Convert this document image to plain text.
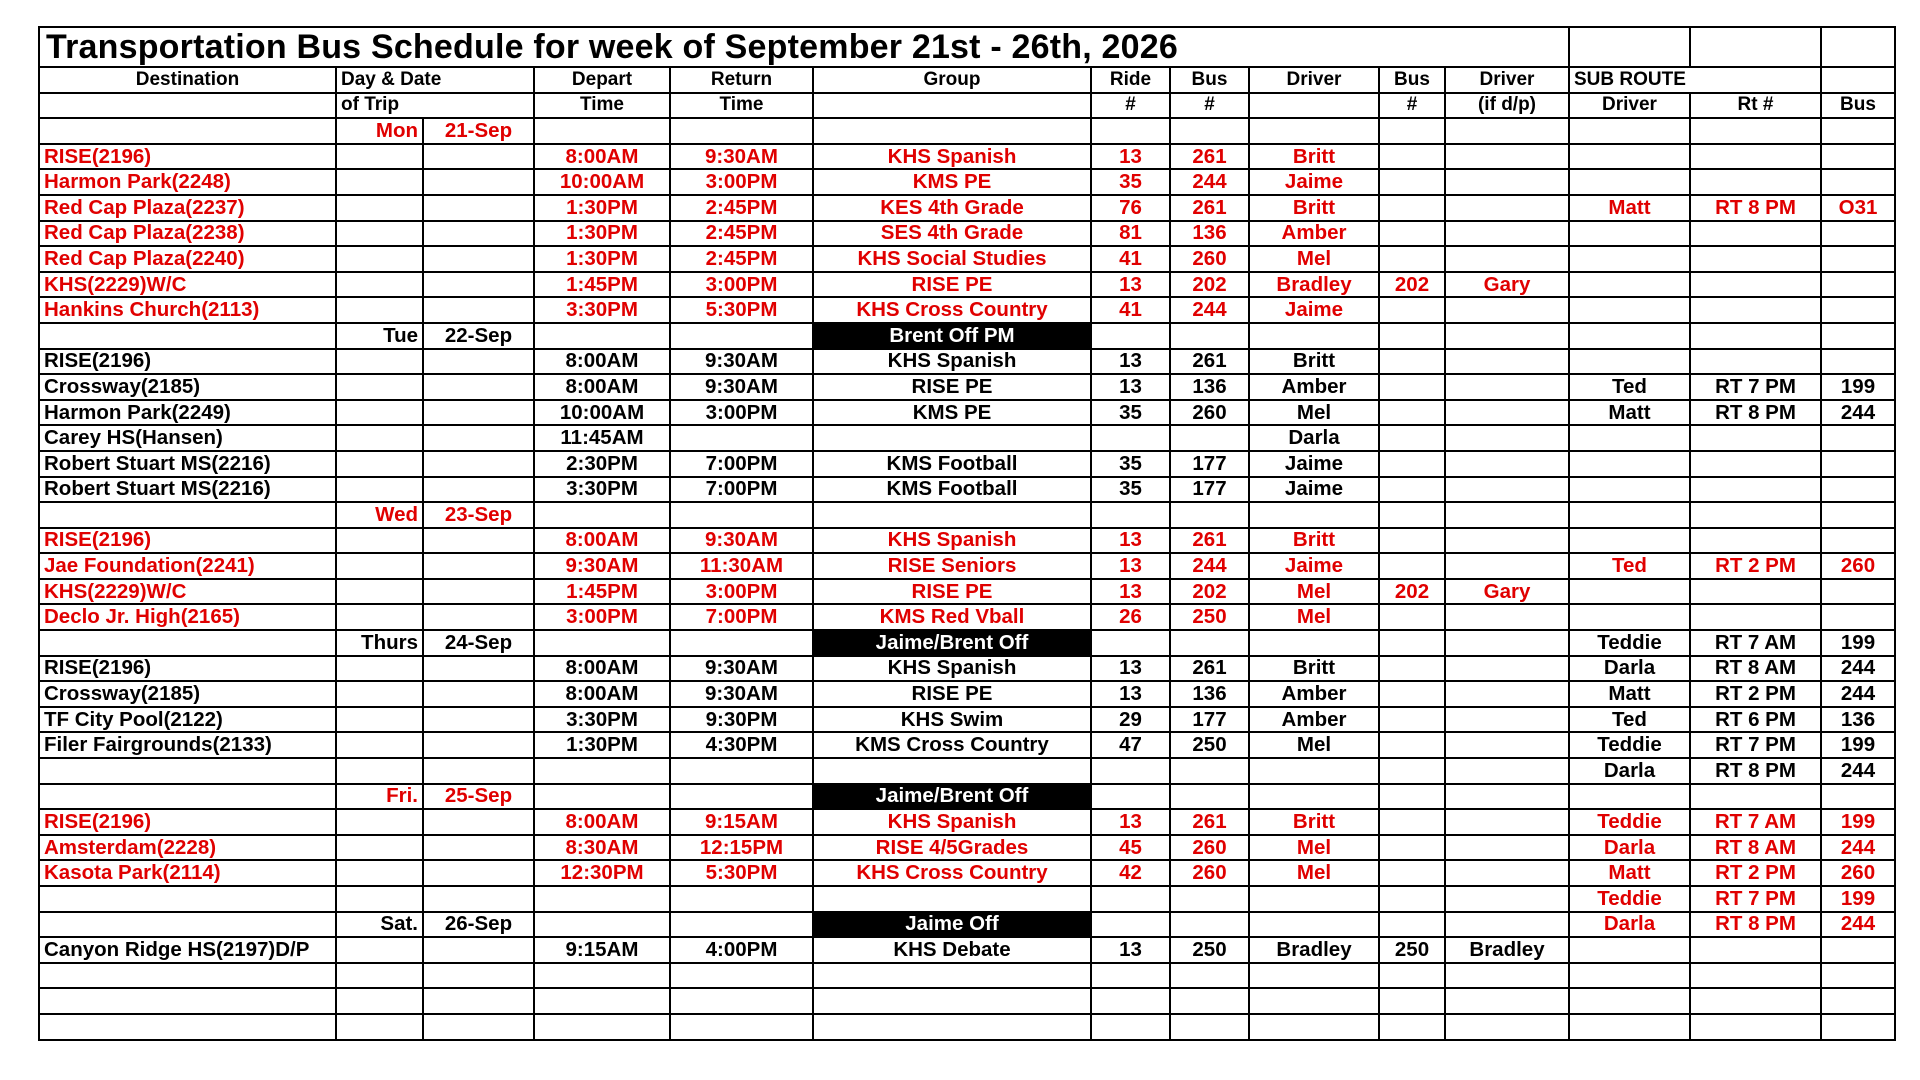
Transportation Bus Schedule for week of September 21st - 26th, 2026													
Destination	Day & Date		Depart	Return	Group	Ride	Bus	Driver	Bus	Driver	SUB ROUTE		
	of Trip		Time	Time		#	#		#	(if d/p)	Driver	Rt #	Bus
	Mon	21-Sep											
RISE(2196)			8:00AM	9:30AM	KHS Spanish	13	261	Britt					
Harmon Park(2248)			10:00AM	3:00PM	KMS PE	35	244	Jaime					
Red Cap Plaza(2237)			1:30PM	2:45PM	KES 4th Grade	76	261	Britt			Matt	RT 8 PM	O31
Red Cap Plaza(2238)			1:30PM	2:45PM	SES 4th Grade	81	136	Amber					
Red Cap Plaza(2240)			1:30PM	2:45PM	KHS Social Studies	41	260	Mel					
KHS(2229)W/C			1:45PM	3:00PM	RISE PE	13	202	Bradley	202	Gary			
Hankins Church(2113)			3:30PM	5:30PM	KHS Cross Country	41	244	Jaime					
	Tue	22-Sep			Brent Off PM								
RISE(2196)			8:00AM	9:30AM	KHS Spanish	13	261	Britt					
Crossway(2185)			8:00AM	9:30AM	RISE PE	13	136	Amber			Ted	RT 7 PM	199
Harmon Park(2249)			10:00AM	3:00PM	KMS PE	35	260	Mel			Matt	RT 8 PM	244
Carey HS(Hansen)			11:45AM					Darla					
Robert Stuart MS(2216)			2:30PM	7:00PM	KMS Football	35	177	Jaime					
Robert Stuart MS(2216)			3:30PM	7:00PM	KMS Football	35	177	Jaime					
	Wed	23-Sep											
RISE(2196)			8:00AM	9:30AM	KHS Spanish	13	261	Britt					
Jae Foundation(2241)			9:30AM	11:30AM	RISE Seniors	13	244	Jaime			Ted	RT 2 PM	260
KHS(2229)W/C			1:45PM	3:00PM	RISE PE	13	202	Mel	202	Gary			
Declo Jr. High(2165)			3:00PM	7:00PM	KMS Red Vball	26	250	Mel					
	Thurs	24-Sep			Jaime/Brent Off						Teddie	RT 7 AM	199
RISE(2196)			8:00AM	9:30AM	KHS Spanish	13	261	Britt			Darla	RT 8 AM	244
Crossway(2185)			8:00AM	9:30AM	RISE PE	13	136	Amber			Matt	RT 2 PM	244
TF City Pool(2122)			3:30PM	9:30PM	KHS Swim	29	177	Amber			Ted	RT 6 PM	136
Filer Fairgrounds(2133)			1:30PM	4:30PM	KMS Cross Country	47	250	Mel			Teddie	RT 7 PM	199
											Darla	RT 8 PM	244
	Fri.	25-Sep			Jaime/Brent Off								
RISE(2196)			8:00AM	9:15AM	KHS Spanish	13	261	Britt			Teddie	RT 7 AM	199
Amsterdam(2228)			8:30AM	12:15PM	RISE 4/5Grades	45	260	Mel			Darla	RT 8 AM	244
Kasota Park(2114)			12:30PM	5:30PM	KHS Cross Country	42	260	Mel			Matt	RT 2 PM	260
											Teddie	RT 7 PM	199
	Sat.	26-Sep			Jaime Off						Darla	RT 8 PM	244
Canyon Ridge HS(2197)D/P			9:15AM	4:00PM	KHS Debate	13	250	Bradley	250	Bradley			
